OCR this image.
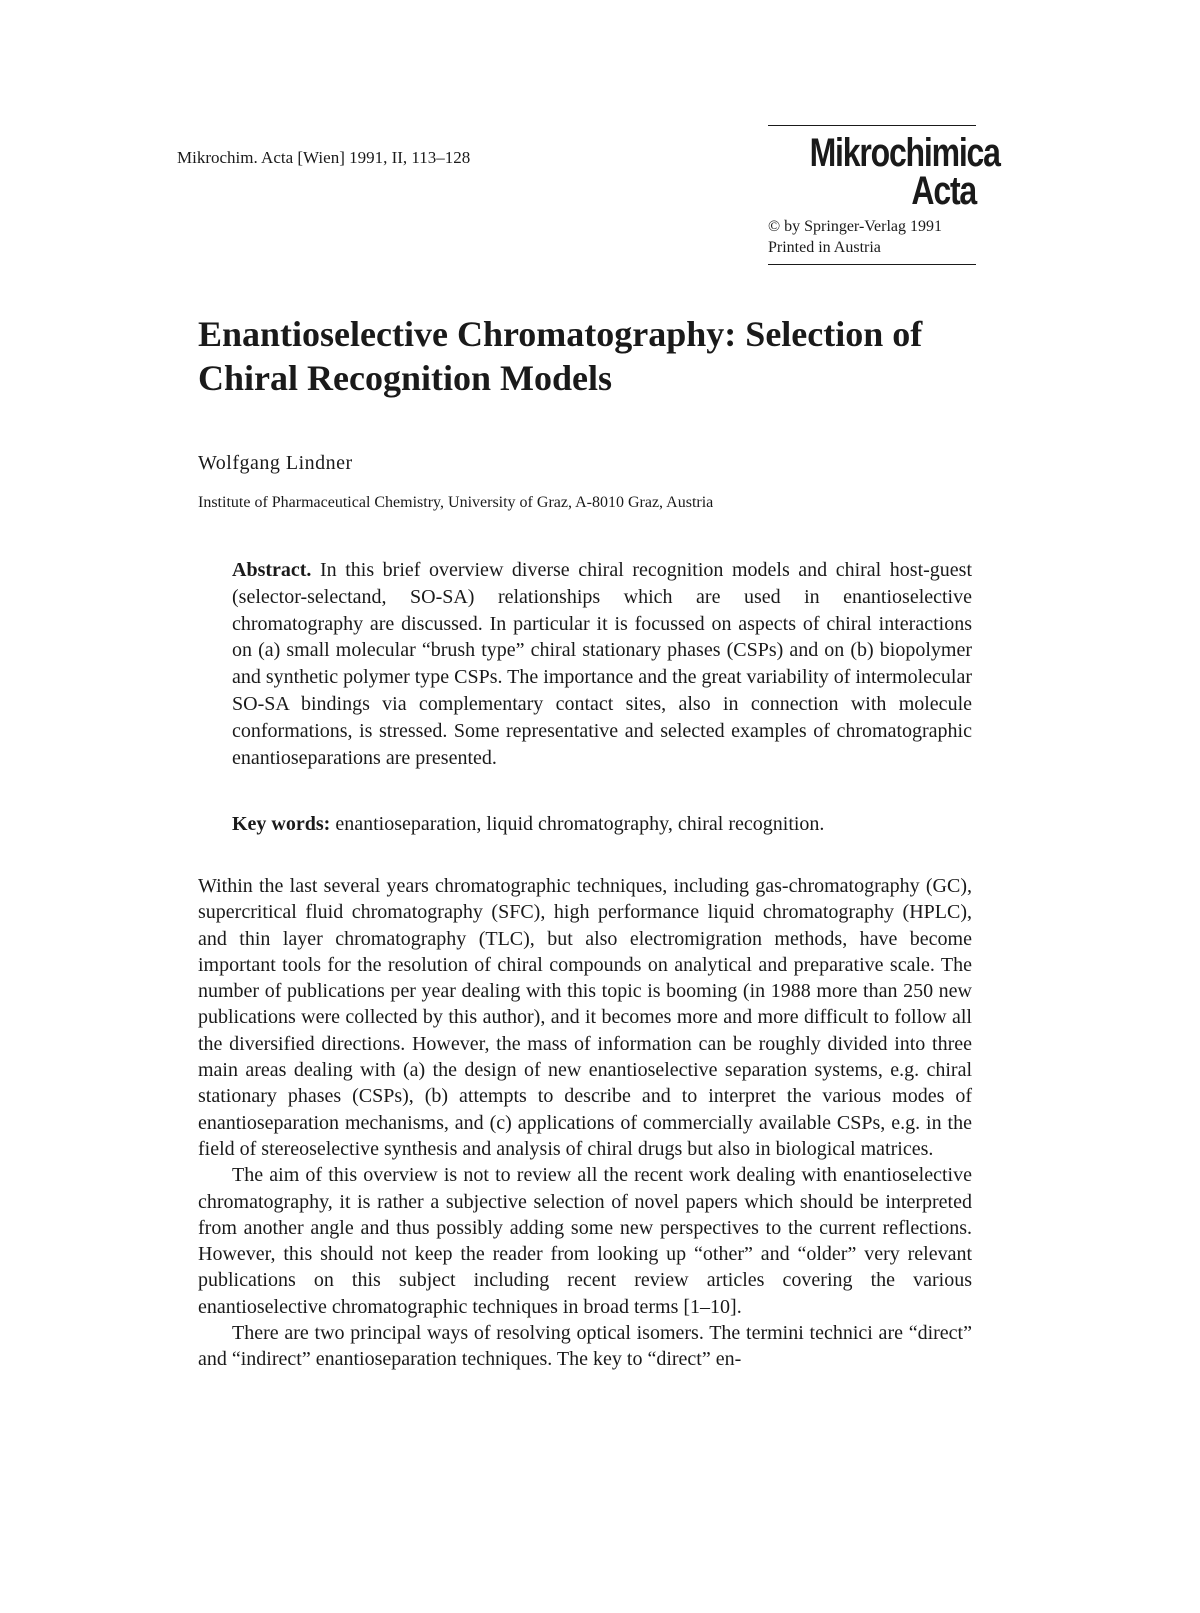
Mikrochim. Acta [Wien] 1991, II, 113–128	Mikrochimica
Acta
© by Springer-Verlag 1991
Printed in Austria
Enantioselective Chromatography: Selection of Chiral Recognition Models
Wolfgang Lindner
Institute of Pharmaceutical Chemistry, University of Graz, A-8010 Graz, Austria

Abstract. In this brief overview diverse chiral recognition models and chiral host-guest (selector-selectand, SO-SA) relationships which are used in enantioselective chromatography are discussed. In particular it is focussed on aspects of chiral interactions on (a) small molecular “brush type” chiral stationary phases (CSPs) and on (b) biopolymer and synthetic polymer type CSPs. The importance and the great variability of intermolecular SO-SA bindings via complementary contact sites, also in connection with molecule conformations, is stressed. Some representative and selected examples of chromatographic enantioseparations are presented.

Key words: enantioseparation, liquid chromatography, chiral recognition.

Within the last several years chromatographic techniques, including gas-chromatography (GC), supercritical fluid chromatography (SFC), high performance liquid chromatography (HPLC), and thin layer chromatography (TLC), but also electromigration methods, have become important tools for the resolution of chiral compounds on analytical and preparative scale. The number of publications per year dealing with this topic is booming (in 1988 more than 250 new publications were collected by this author), and it becomes more and more difficult to follow all the diversified directions. However, the mass of information can be roughly divided into three main areas dealing with (a) the design of new enantioselective separation systems, e.g. chiral stationary phases (CSPs), (b) attempts to describe and to interpret the various modes of enantioseparation mechanisms, and (c) applications of commercially available CSPs, e.g. in the field of stereoselective synthesis and analysis of chiral drugs but also in biological matrices.

The aim of this overview is not to review all the recent work dealing with enantioselective chromatography, it is rather a subjective selection of novel papers which should be interpreted from another angle and thus possibly adding some new perspectives to the current reflections. However, this should not keep the reader from looking up “other” and “older” very relevant publications on this subject including recent review articles covering the various enantioselective chromatographic techniques in broad terms [1–10].

There are two principal ways of resolving optical isomers. The termini technici are “direct” and “indirect” enantioseparation techniques. The key to “direct” en-
